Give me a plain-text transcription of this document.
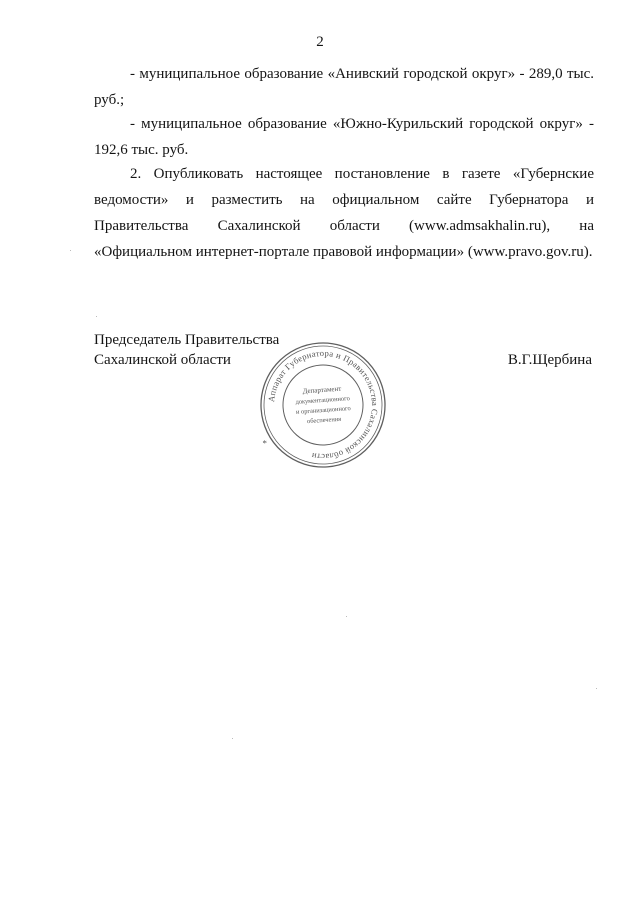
2

- муниципальное образование «Анивский городской округ» - 289,0 тыс. руб.;

- муниципальное образование «Южно-Курильский городской округ» - 192,6 тыс. руб.

2. Опубликовать настоящее постановление в газете «Губернские ведомости» и разместить на официальном сайте Губернатора и Правительства Сахалинской области (www.admsakhalin.ru), на «Официальном интернет-портале правовой информации» (www.pravo.gov.ru).

Председатель Правительства
Сахалинской области	В.Г.Щербина
Аппарат Губернатора и Правительства Сахалинской области
*
Департамент
документационного
и организационного
обеспечения
